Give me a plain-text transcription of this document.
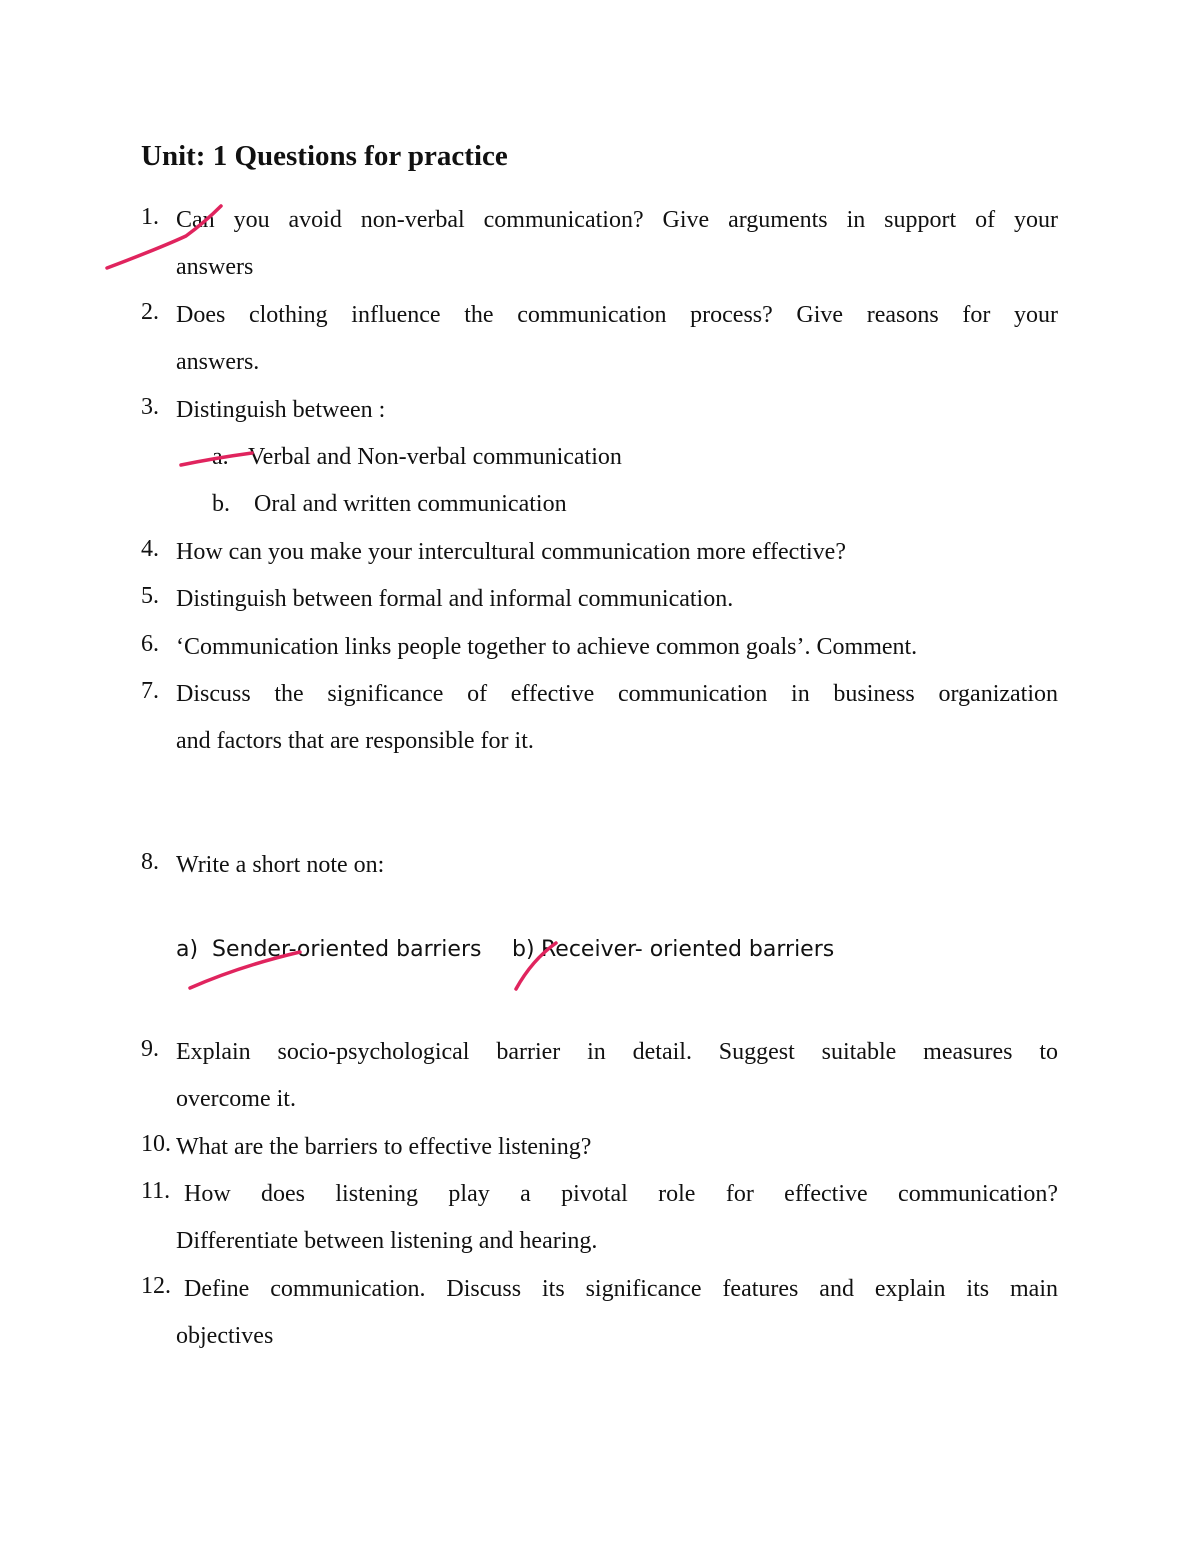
Unit: 1 Questions for practice
1. Can you avoid non-verbal communication? Give arguments in support of your
answers
2. Does clothing influence the communication process? Give reasons for your
answers.
3. Distinguish between :
a. Verbal and Non-verbal communication
b. Oral and written communication
4. How can you make your intercultural communication more effective?
5. Distinguish between formal and informal communication.
6. ‘Communication links people together to achieve common goals’. Comment.
7. Discuss the significance of effective communication in business organization
and factors that are responsible for it.
8. Write a short note on:
a) Sender-oriented barriers b) Receiver- oriented barriers
9. Explain socio-psychological barrier in detail. Suggest suitable measures to
overcome it.
10. What are the barriers to effective listening?
11. How does listening play a pivotal role for effective communication?
Differentiate between listening and hearing.
12. Define communication. Discuss its significance features and explain its main
objectives
